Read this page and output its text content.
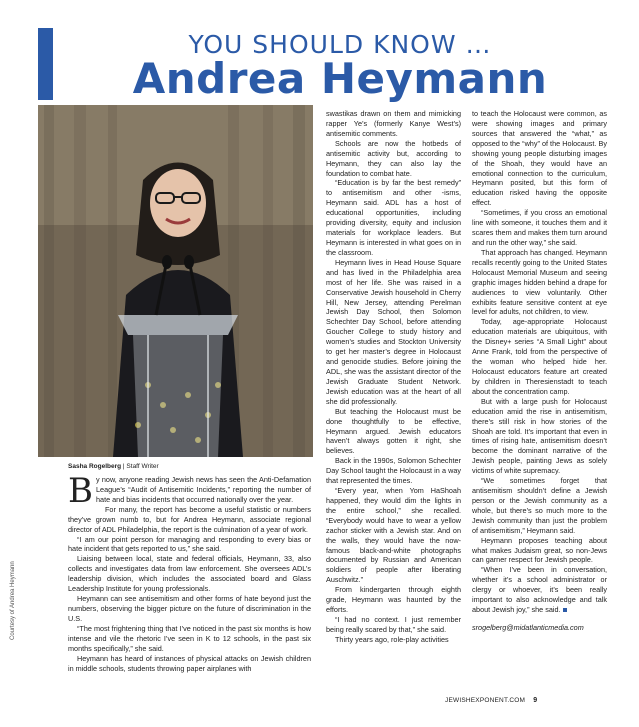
YOU SHOULD KNOW …
Andrea Heymann
Courtesy of Andrea Heymann
Sasha Rogelberg | Staff Writer

By now, anyone reading Jewish news has seen the Anti-Defamation League’s “Audit of Antisemitic Incidents,” reporting the number of hate and bias incidents that occurred nationally over the year.

For many, the report has become a useful statistic or numbers they’ve grown numb to, but for Andrea Heymann, associate regional director of ADL Philadelphia, the report is the culmination of a year of work.

“I am our point person for managing and responding to every bias or hate incident that gets reported to us,” she said.

Liaising between local, state and federal officials, Heymann, 33, also collects and investigates data from law enforcement. She oversees ADL’s leadership division, which includes the associated board and Glass Leadership Institute for young professionals.

Heymann can see antisemitism and other forms of hate beyond just the numbers, observing the bigger picture on the future of discrimination in the U.S.

“The most frightening thing that I’ve noticed in the past six months is how intense and vile the rhetoric I’ve seen in K to 12 schools, in the past six months specifically,” she said.

Heymann has heard of instances of physical attacks on Jewish children in middle schools, students throwing paper airplanes with

swastikas drawn on them and mimicking rapper Ye’s (formerly Kanye West’s) antisemitic comments.

Schools are now the hotbeds of antisemitic activity but, according to Heymann, they can also lay the foundation to combat hate.

“Education is by far the best remedy” to antisemitism and other -isms, Heymann said. ADL has a host of educational opportunities, including providing diversity, equity and inclusion materials for workplace leaders. But Heymann is interested in what goes on in the classroom.

Heymann lives in Head House Square and has lived in the Philadelphia area most of her life. She was raised in a Conservative Jewish household in Cherry Hill, New Jersey, attending Perelman Jewish Day School, then Solomon Schechter Day School, before attending Goucher College to study history and women’s studies and Stockton University to get her master’s degree in Holocaust and genocide studies. Before joining the ADL, she was the assistant director of the Jewish Graduate Student Network. Jewish education was at the heart of all she did professionally.

But teaching the Holocaust must be done thoughtfully to be effective, Heymann argued. Jewish educators haven’t always gotten it right, she believes.

Back in the 1990s, Solomon Schechter Day School taught the Holocaust in a way that represented the times.

“Every year, when Yom HaShoah happened, they would dim the lights in the entire school,” she recalled. “Everybody would have to wear a yellow zachor sticker with a Jewish star. And on the walls, they would have the now-famous black-and-white photographs documented by Russian and American soldiers of people after liberating Auschwitz.”

From kindergarten through eighth grade, Heymann was haunted by the efforts.

“I had no context. I just remember being really scared by that,” she said.

Thirty years ago, role-play activities

to teach the Holocaust were common, as were showing images and primary sources that answered the “what,” as opposed to the “why” of the Holocaust. By showing young people disturbing images of the Shoah, they would have an emotional connection to the curriculum, Heymann posited, but this form of education risked having the opposite effect.

“Sometimes, if you cross an emotional line with someone, it touches them and it scares them and makes them turn around and run the other way,” she said.

That approach has changed. Heymann recalls recently going to the United States Holocaust Memorial Museum and seeing graphic images hidden behind a drape for audiences to view voluntarily. Other exhibits feature sensitive content at eye level for adults, not children, to view.

Today, age-appropriate Holocaust education materials are ubiquitous, with the Disney+ series “A Small Light” about Anne Frank, told from the perspective of the woman who helped hide her. Holocaust educators feature art created by children in Theresienstadt to teach about the concentration camp.

But with a large push for Holocaust education amid the rise in antisemitism, there’s still risk in how stories of the Shoah are told. It’s important that even in times of rising hate, antisemitism doesn’t become the dominant narrative of the Jewish people, painting Jews as solely victims of white supremacy.

“We sometimes forget that antisemitism shouldn’t define a Jewish person or the Jewish community as a whole, but there’s so much more to the Jewish community than just the problem of antisemitism,” Heymann said.

Heymann proposes teaching about what makes Judaism great, so non-Jews can garner respect for Jewish people.

“When I’ve been in conversation, whether it’s a school administrator or clergy or whoever, it’s been really important to also acknowledge and talk about Jewish joy,” she said.

srogelberg@midatlanticmedia.com

JEWISHEXPONENT.COM 9
